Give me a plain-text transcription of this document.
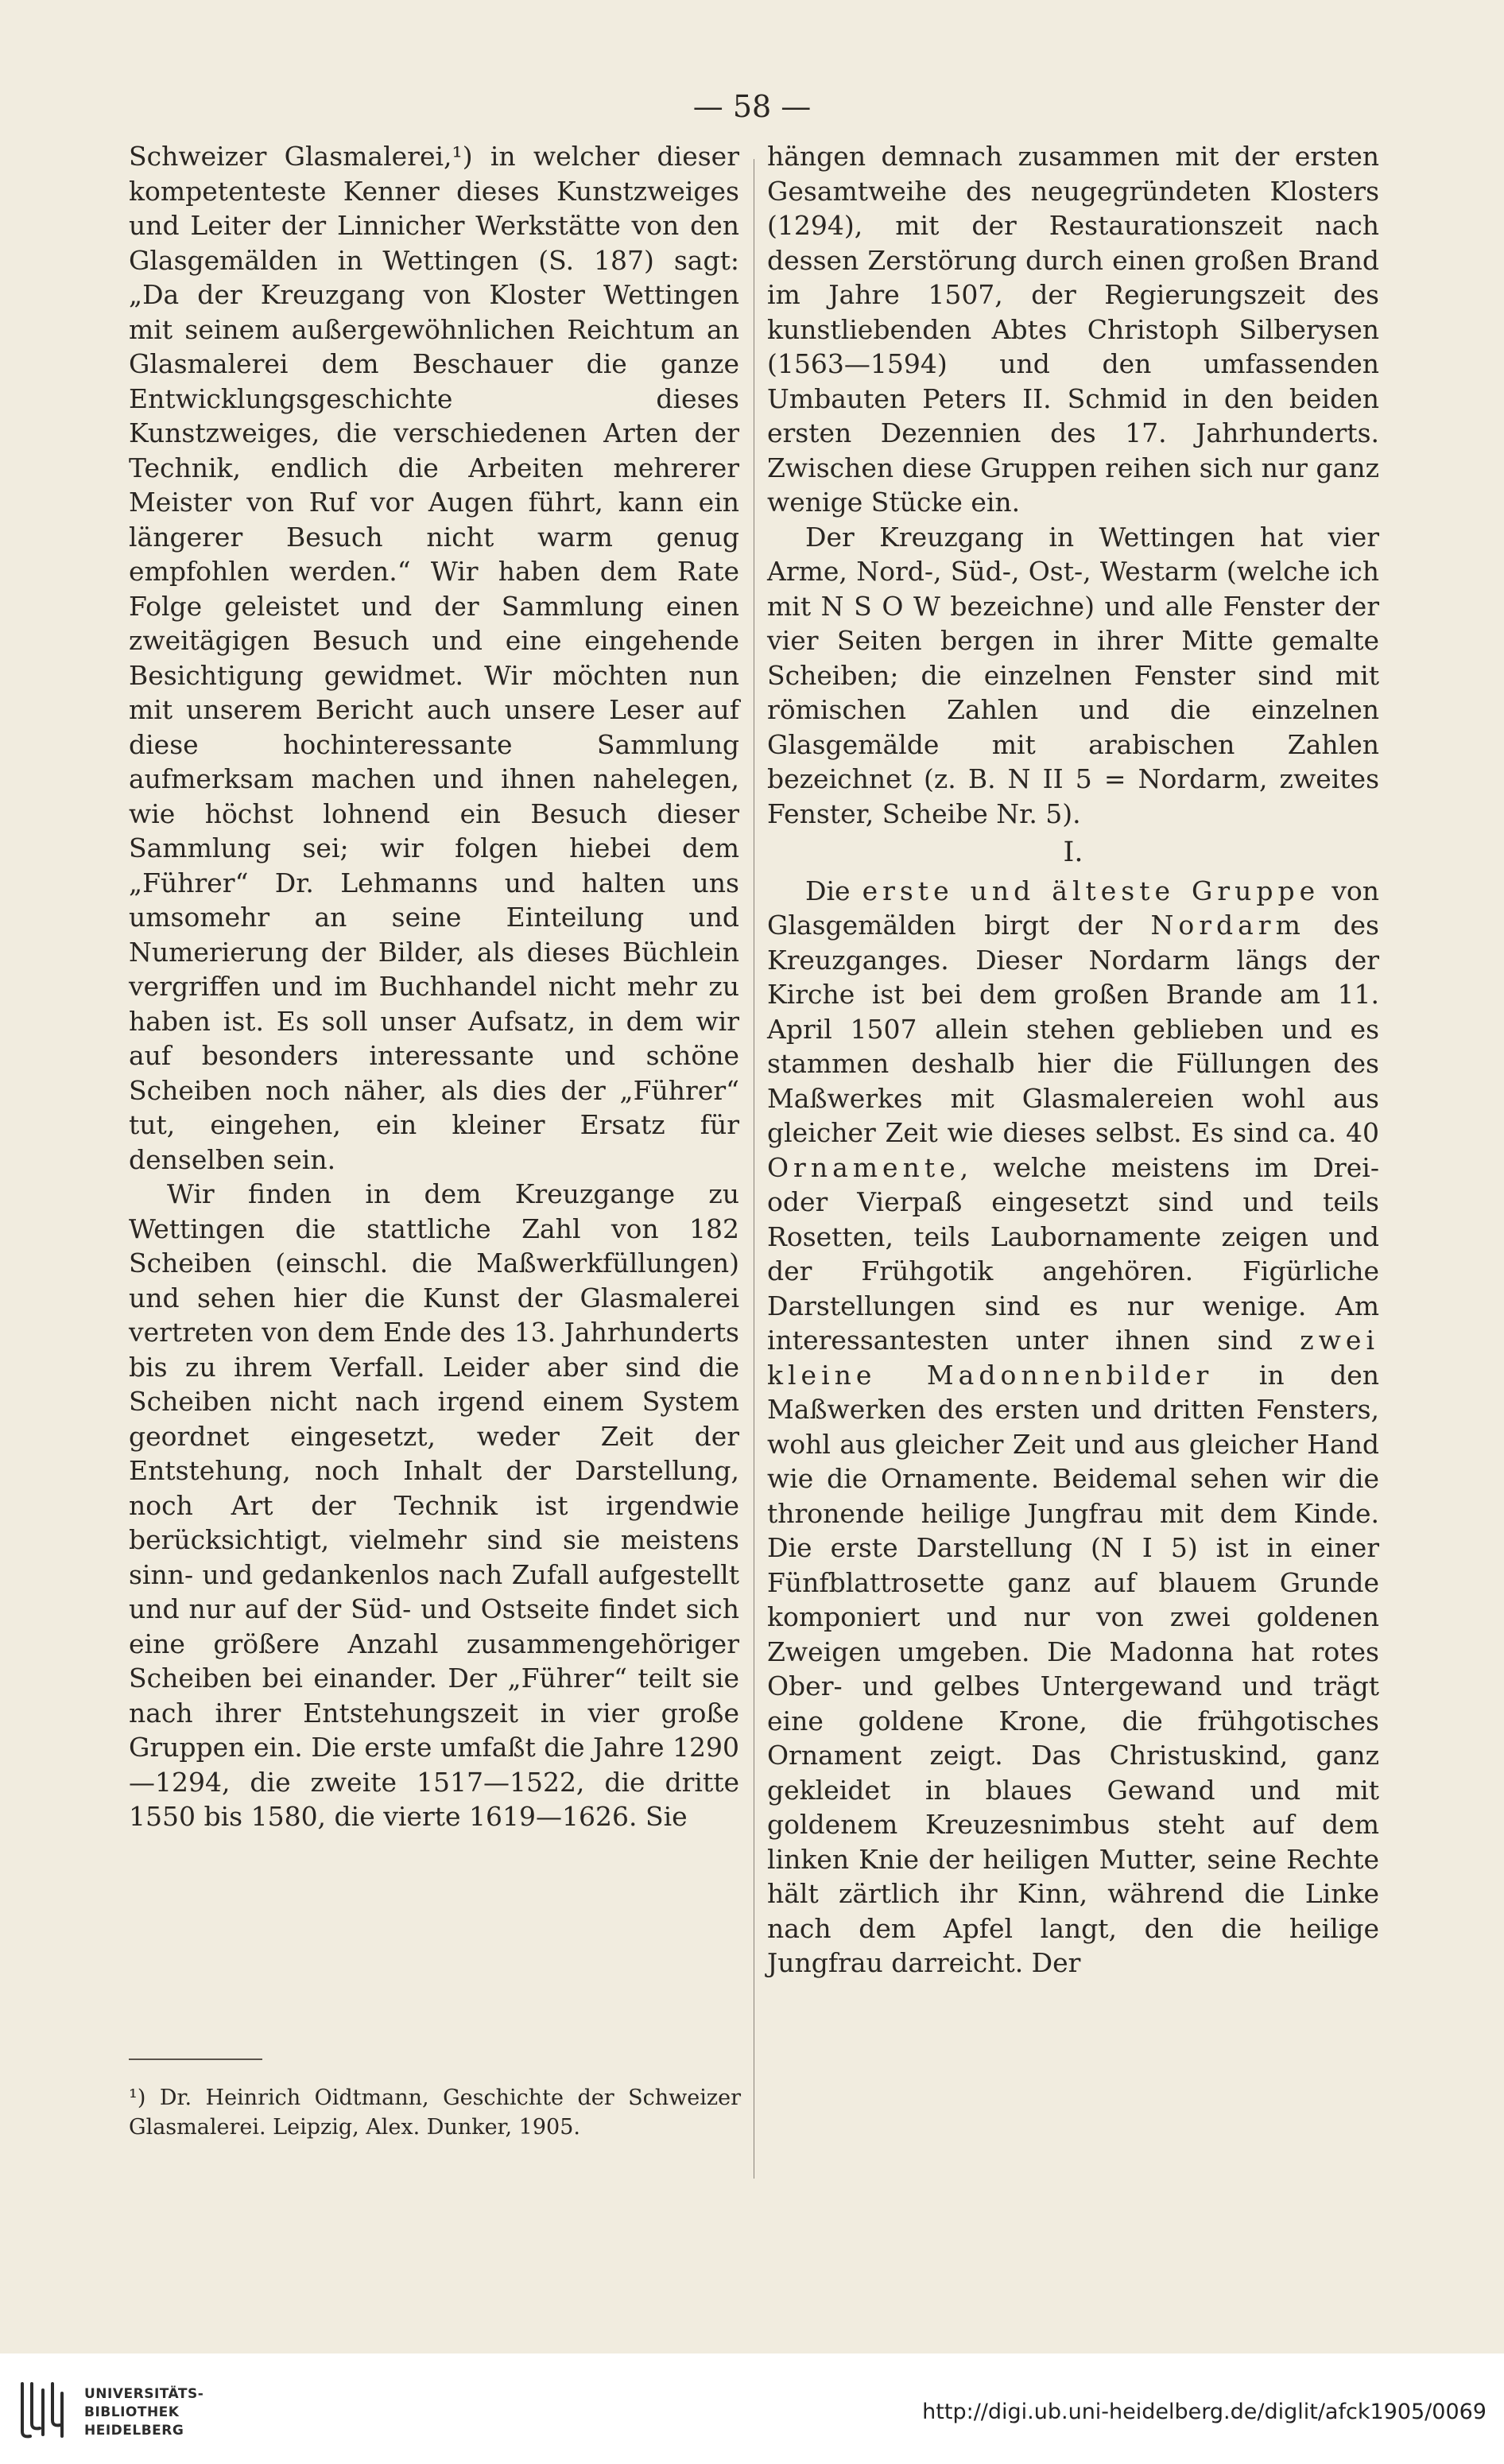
— 58 —

Schweizer Glasmalerei,¹) in welcher dieser kompetenteste Kenner dieses Kunstzweiges und Leiter der Linnicher Werkstätte von den Glasgemälden in Wettingen (S. 187) sagt: „Da der Kreuzgang von Kloster Wettingen mit seinem außergewöhnlichen Reichtum an Glasmalerei dem Beschauer die ganze Entwicklungsgeschichte dieses Kunstzweiges, die verschiedenen Arten der Technik, endlich die Arbeiten mehrerer Meister von Ruf vor Augen führt, kann ein längerer Besuch nicht warm genug empfohlen werden.“ Wir haben dem Rate Folge geleistet und der Sammlung einen zweitägigen Besuch und eine eingehende Besichtigung gewidmet. Wir möchten nun mit unserem Bericht auch unsere Leser auf diese hochinteressante Sammlung aufmerksam machen und ihnen nahelegen, wie höchst lohnend ein Besuch dieser Sammlung sei; wir folgen hiebei dem „Führer“ Dr. Lehmanns und halten uns umsomehr an seine Einteilung und Numerierung der Bilder, als dieses Büchlein vergriffen und im Buchhandel nicht mehr zu haben ist. Es soll unser Aufsatz, in dem wir auf besonders interessante und schöne Scheiben noch näher, als dies der „Führer“ tut, eingehen, ein kleiner Ersatz für denselben sein.

Wir finden in dem Kreuzgange zu Wettingen die stattliche Zahl von 182 Scheiben (einschl. die Maßwerkfüllungen) und sehen hier die Kunst der Glasmalerei vertreten von dem Ende des 13. Jahrhunderts bis zu ihrem Verfall. Leider aber sind die Scheiben nicht nach irgend einem System geordnet eingesetzt, weder Zeit der Entstehung, noch Inhalt der Darstellung, noch Art der Technik ist irgendwie berücksichtigt, vielmehr sind sie meistens sinn- und gedankenlos nach Zufall aufgestellt und nur auf der Süd- und Ostseite findet sich eine größere Anzahl zusammengehöriger Scheiben bei einander. Der „Führer“ teilt sie nach ihrer Entstehungszeit in vier große Gruppen ein. Die erste umfaßt die Jahre 1290—1294, die zweite 1517—1522, die dritte 1550 bis 1580, die vierte 1619—1626. Sie

hängen demnach zusammen mit der ersten Gesamtweihe des neugegründeten Klosters (1294), mit der Restaurationszeit nach dessen Zerstörung durch einen großen Brand im Jahre 1507, der Regierungszeit des kunstliebenden Abtes Christoph Silberysen (1563—1594) und den umfassenden Umbauten Peters II. Schmid in den beiden ersten Dezennien des 17. Jahrhunderts. Zwischen diese Gruppen reihen sich nur ganz wenige Stücke ein.

Der Kreuzgang in Wettingen hat vier Arme, Nord-, Süd-, Ost-, Westarm (welche ich mit N S O W bezeichne) und alle Fenster der vier Seiten bergen in ihrer Mitte gemalte Scheiben; die einzelnen Fenster sind mit römischen Zahlen und die einzelnen Glasgemälde mit arabischen Zahlen bezeichnet (z. B. N II 5 = Nordarm, zweites Fenster, Scheibe Nr. 5).

I.

Die erste und älteste Gruppe von Glasgemälden birgt der Nordarm des Kreuzganges. Dieser Nordarm längs der Kirche ist bei dem großen Brande am 11. April 1507 allein stehen geblieben und es stammen deshalb hier die Füllungen des Maßwerkes mit Glasmalereien wohl aus gleicher Zeit wie dieses selbst. Es sind ca. 40 Ornamente, welche meistens im Drei- oder Vierpaß eingesetzt sind und teils Rosetten, teils Laubornamente zeigen und der Frühgotik angehören. Figürliche Darstellungen sind es nur wenige. Am interessantesten unter ihnen sind zwei kleine Madonnenbilder in den Maßwerken des ersten und dritten Fensters, wohl aus gleicher Zeit und aus gleicher Hand wie die Ornamente. Beidemal sehen wir die thronende heilige Jungfrau mit dem Kinde. Die erste Darstellung (N I 5) ist in einer Fünfblattrosette ganz auf blauem Grunde komponiert und nur von zwei goldenen Zweigen umgeben. Die Madonna hat rotes Ober- und gelbes Untergewand und trägt eine goldene Krone, die frühgotisches Ornament zeigt. Das Christuskind, ganz gekleidet in blaues Gewand und mit goldenem Kreuzesnimbus steht auf dem linken Knie der heiligen Mutter, seine Rechte hält zärtlich ihr Kinn, während die Linke nach dem Apfel langt, den die heilige Jungfrau darreicht. Der

¹) Dr. Heinrich Oidtmann, Geschichte der Schweizer Glasmalerei. Leipzig, Alex. Dunker, 1905.
UNIVERSITÄTS-
BIBLIOTHEK
HEIDELBERG
http://digi.ub.uni-heidelberg.de/diglit/afck1905/0069
